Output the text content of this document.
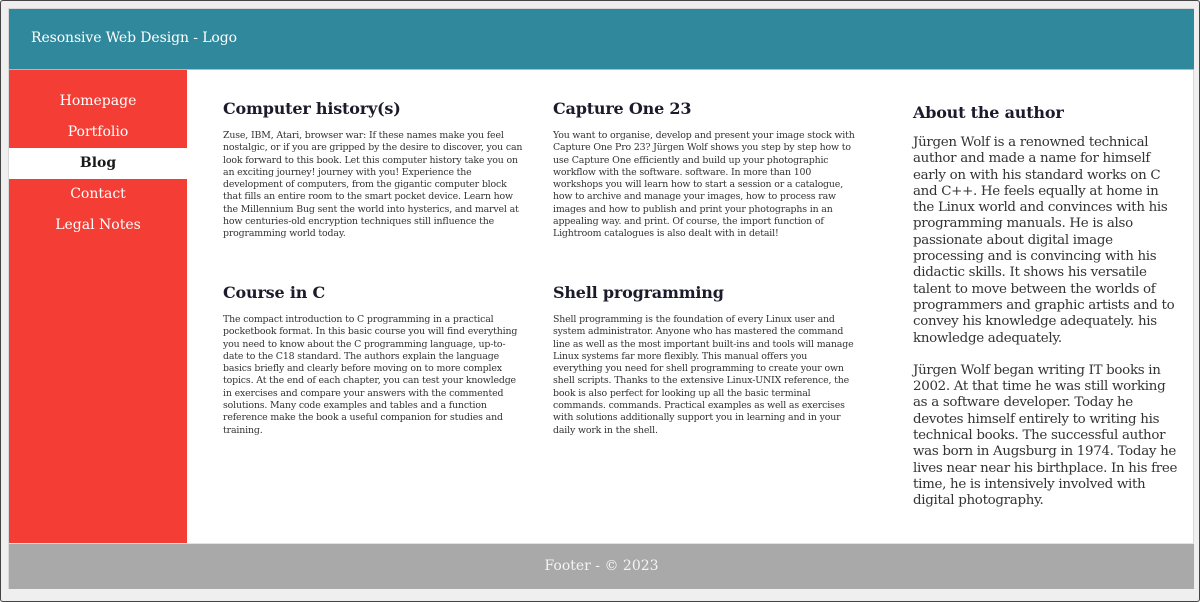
Resonsive Web Design - Logo
Homepage
Portfolio
Blog
Contact
Legal Notes
Computer history(s)

Zuse, IBM, Atari, browser war: If these names make you feel nostalgic, or if you are gripped by the desire to discover, you can look forward to this book. Let this computer history take you on an exciting journey! journey with you! Experience the development of computers, from the gigantic computer block that fills an entire room to the smart pocket device. Learn how the Millennium Bug sent the world into hysterics, and marvel at how centuries-old encryption techniques still influence the programming world today.

Capture One 23

You want to organise, develop and present your image stock with Capture One Pro 23? Jürgen Wolf shows you step by step how to use Capture One efficiently and build up your photographic workflow with the software. software. In more than 100 workshops you will learn how to start a session or a catalogue, how to archive and manage your images, how to process raw images and how to publish and print your photographs in an appealing way. and print. Of course, the import function of Lightroom catalogues is also dealt with in detail!

Course in C

The compact introduction to C programming in a practical pocketbook format. In this basic course you will find everything you need to know about the C programming language, up-to-date to the C18 standard. The authors explain the language basics briefly and clearly before moving on to more complex topics. At the end of each chapter, you can test your knowledge in exercises and compare your answers with the commented solutions. Many code examples and tables and a function reference make the book a useful companion for studies and training.

Shell programming

Shell programming is the foundation of every Linux user and system administrator. Anyone who has mastered the command line as well as the most important built-ins and tools will manage Linux systems far more flexibly. This manual offers you everything you need for shell programming to create your own shell scripts. Thanks to the extensive Linux-UNIX reference, the book is also perfect for looking up all the basic terminal commands. commands. Practical examples as well as exercises with solutions additionally support you in learning and in your daily work in the shell.

About the author

Jürgen Wolf is a renowned technical author and made a name for himself early on with his standard works on C and C++. He feels equally at home in the Linux world and convinces with his programming manuals. He is also passionate about digital image processing and is convincing with his didactic skills. It shows his versatile talent to move between the worlds of programmers and graphic artists and to convey his knowledge adequately. his knowledge adequately.

Jürgen Wolf began writing IT books in 2002. At that time he was still working as a software developer. Today he devotes himself entirely to writing his technical books. The successful author was born in Augsburg in 1974. Today he lives near near his birthplace. In his free time, he is intensively involved with digital photography.

Footer - © 2023
